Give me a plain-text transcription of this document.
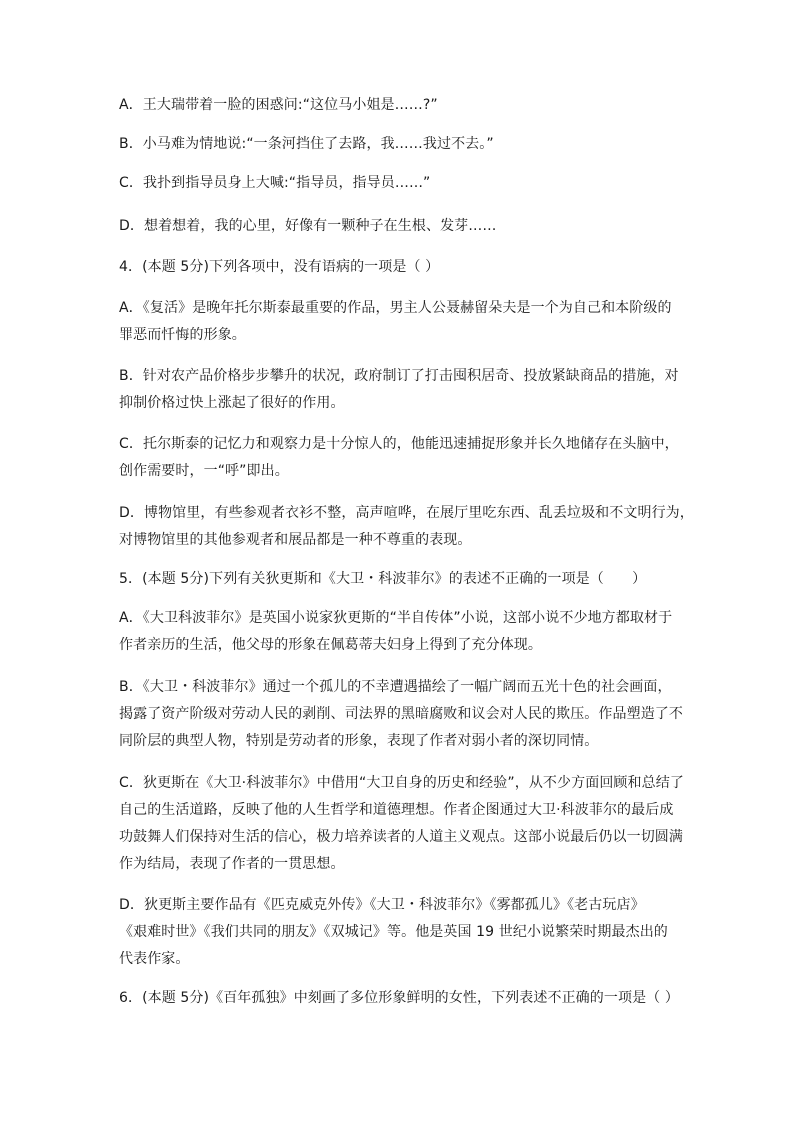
A．王大瑞带着一脸的困惑问:“这位马小姐是……?”
B．小马难为情地说:“一条河挡住了去路，我……我过不去。”
C．我扑到指导员身上大喊:“指导员，指导员……”
D．想着想着，我的心里，好像有一颗种子在生根、发芽……
4．(本题 5分)下列各项中，没有语病的一项是（ ）
A．《复活》是晚年托尔斯泰最重要的作品，男主人公聂赫留朵夫是一个为自己和本阶级的
罪恶而忏悔的形象。
B．针对农产品价格步步攀升的状况，政府制订了打击囤积居奇、投放紧缺商品的措施，对
抑制价格过快上涨起了很好的作用。
C．托尔斯泰的记忆力和观察力是十分惊人的，他能迅速捕捉形象并长久地储存在头脑中，
创作需要时，一“呼”即出。
D．博物馆里，有些参观者衣衫不整，高声喧哗，在展厅里吃东西、乱丢垃圾和不文明行为，
对博物馆里的其他参观者和展品都是一种不尊重的表现。
5．(本题 5分)下列有关狄更斯和《大卫・科波菲尔》的表述不正确的一项是（　　）
A．《大卫科波菲尔》是英国小说家狄更斯的“半自传体”小说，这部小说不少地方都取材于
作者亲历的生活，他父母的形象在佩葛蒂夫妇身上得到了充分体现。
B．《大卫・科波菲尔》通过一个孤儿的不幸遭遇描绘了一幅广阔而五光十色的社会画面，
揭露了资产阶级对劳动人民的剥削、司法界的黑暗腐败和议会对人民的欺压。作品塑造了不
同阶层的典型人物，特别是劳动者的形象，表现了作者对弱小者的深切同情。
C．狄更斯在《大卫·科波菲尔》中借用“大卫自身的历史和经验”，从不少方面回顾和总结了
自己的生活道路，反映了他的人生哲学和道德理想。作者企图通过大卫·科波菲尔的最后成
功鼓舞人们保持对生活的信心，极力培养读者的人道主义观点。这部小说最后仍以一切圆满
作为结局，表现了作者的一贯思想。
D．狄更斯主要作品有《匹克威克外传》《大卫・科波菲尔》《雾都孤儿》《老古玩店》
《艰难时世》《我们共同的朋友》《双城记》等。他是英国 19 世纪小说繁荣时期最杰出的
代表作家。
6．(本题 5分)《百年孤独》中刻画了多位形象鲜明的女性，下列表述不正确的一项是（ ）
